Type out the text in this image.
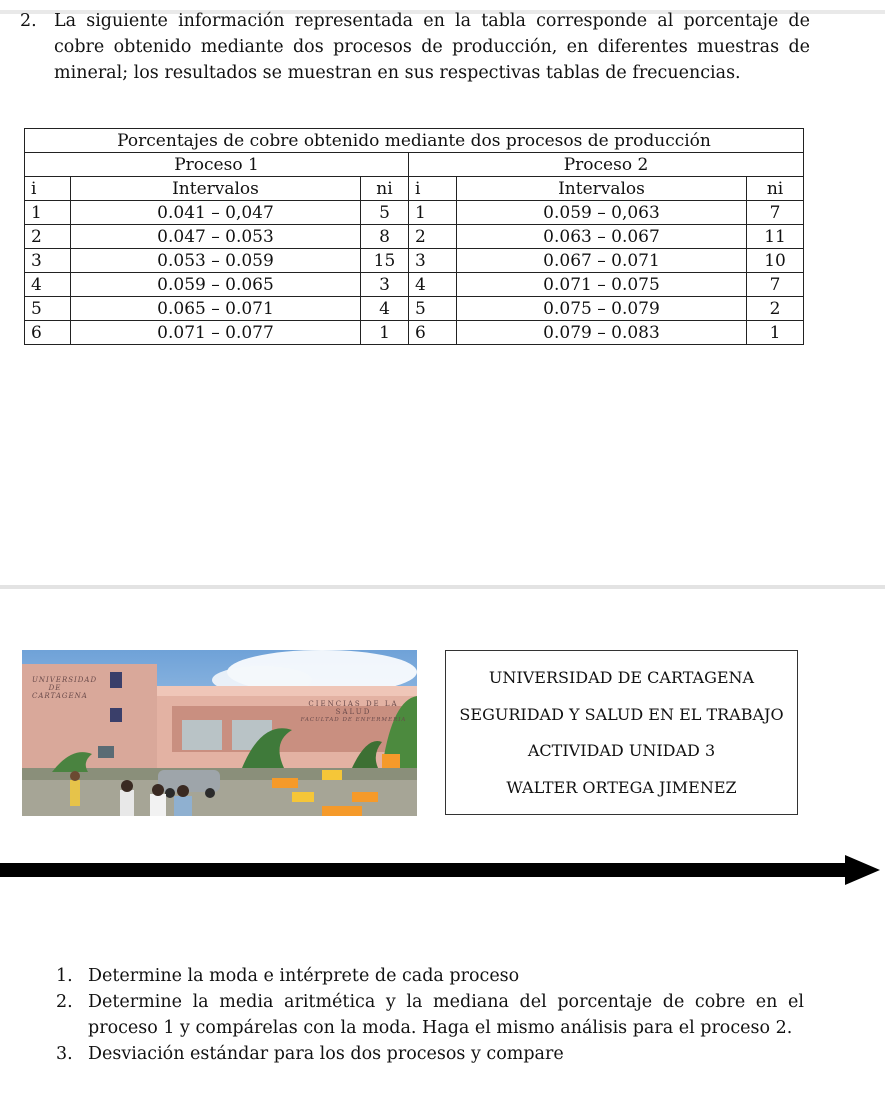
2. La siguiente información representada en la tabla corresponde al porcentaje de cobre obtenido mediante dos procesos de producción, en diferentes muestras de mineral; los resultados se muestran en sus respectivas tablas de frecuencias.
Porcentajes de cobre obtenido mediante dos procesos de producción					
Proceso 1			Proceso 2		
i	Intervalos	ni	i	Intervalos	ni
1	0.041 – 0,047	5	1	0.059 – 0,063	7
2	0.047 – 0.053	8	2	0.063 – 0.067	11
3	0.053 – 0.059	15	3	0.067 – 0.071	10
4	0.059 – 0.065	3	4	0.071 – 0.075	7
5	0.065 – 0.071	4	5	0.075 – 0.079	2
6	0.071 – 0.077	1	6	0.079 – 0.083	1
UNIVERSIDAD DE CARTAGENA
CIENCIAS DE LA SALUD
FACULTAD DE ENFERMERIA
UNIVERSIDAD DE CARTAGENA
SEGURIDAD Y SALUD EN EL TRABAJO
ACTIVIDAD UNIDAD 3
WALTER ORTEGA JIMENEZ
1. Determine la moda e intérprete de cada proceso
2. Determine la media aritmética y la mediana del porcentaje de cobre en el proceso 1 y compárelas con la moda. Haga el mismo análisis para el proceso 2.
3. Desviación estándar para los dos procesos y compare
